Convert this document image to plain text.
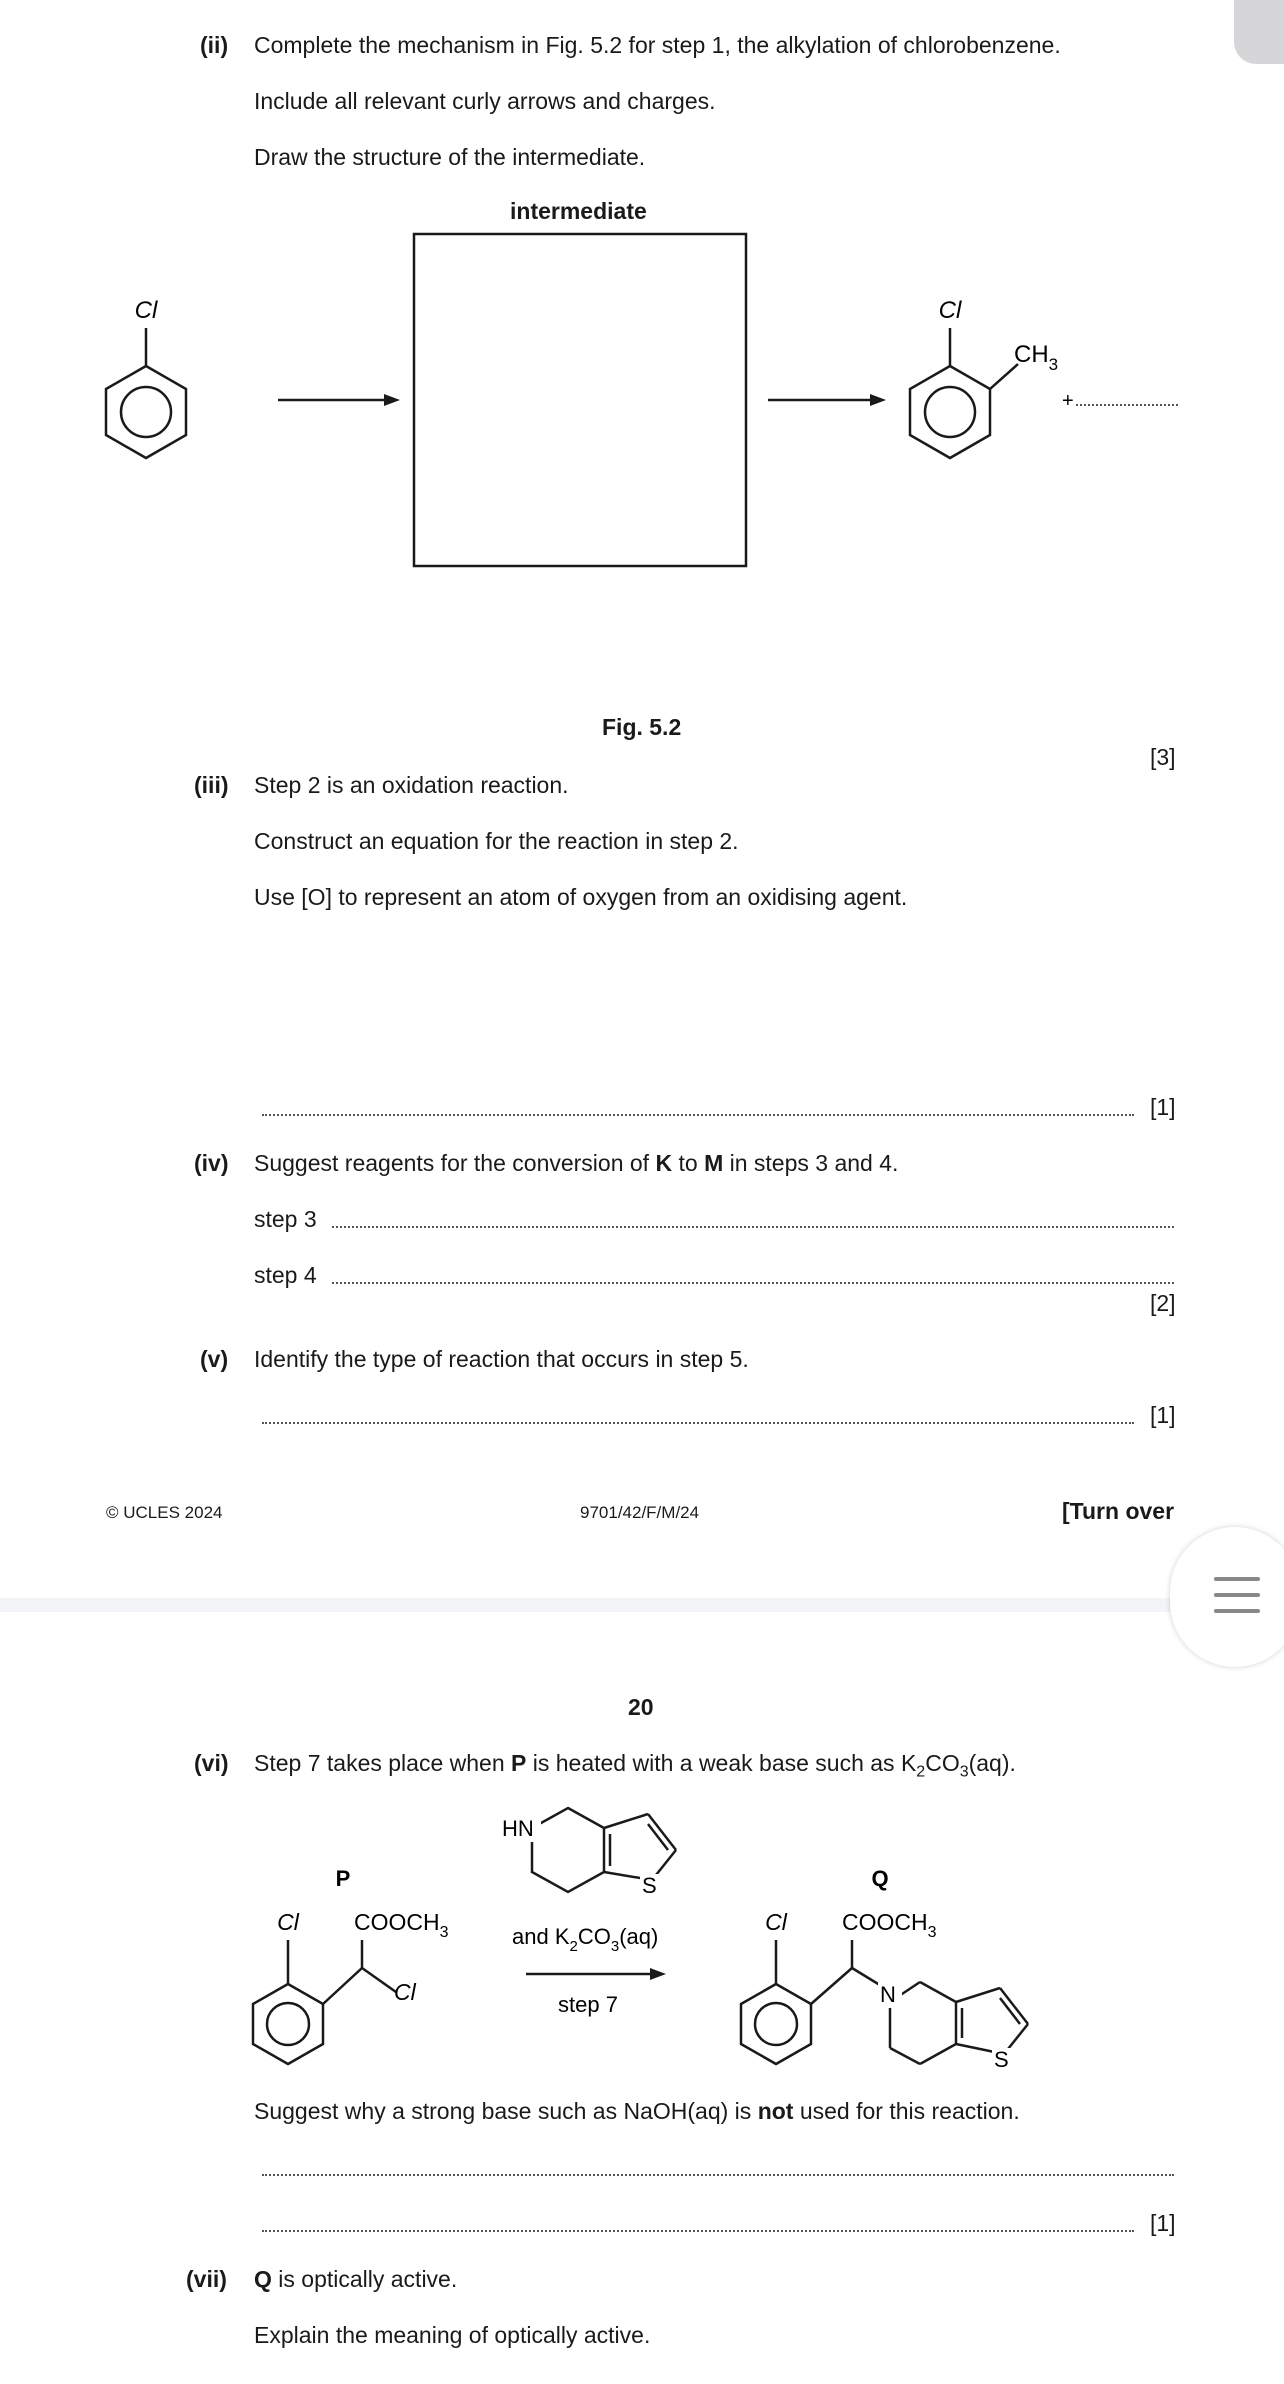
(ii) Complete the mechanism in Fig. 5.2 for step 1, the alkylation of chlorobenzene.
Include all relevant curly arrows and charges.
Draw the structure of the intermediate.
intermediate
Cl	Cl
$CH_3$
+
Fig. 5.2
[3]
(iii) Step 2 is an oxidation reaction.
Construct an equation for the reaction in step 2.
Use [O] to represent an atom of oxygen from an oxidising agent.
[1]
(iv) Suggest reagents for the conversion of K to M in steps 3 and 4.
step 3
step 4
[2]
(v) Identify the type of reaction that occurs in step 5.
[1]
© UCLES 2024	9701/42/F/M/24	[Turn over
20
(vi) Step 7 takes place when P is heated with a weak base such as $K_2CO_3(aq)$.
P
Cl $COOCH_3$
Cl
HN
S
and $K_2CO_3(aq)$
step 7
Q
N
S
Cl $COOCH_3$
Suggest why a strong base such as NaOH(aq) is not used for this reaction.
[1]
(vii) Q is optically active.
Explain the meaning of optically active.
